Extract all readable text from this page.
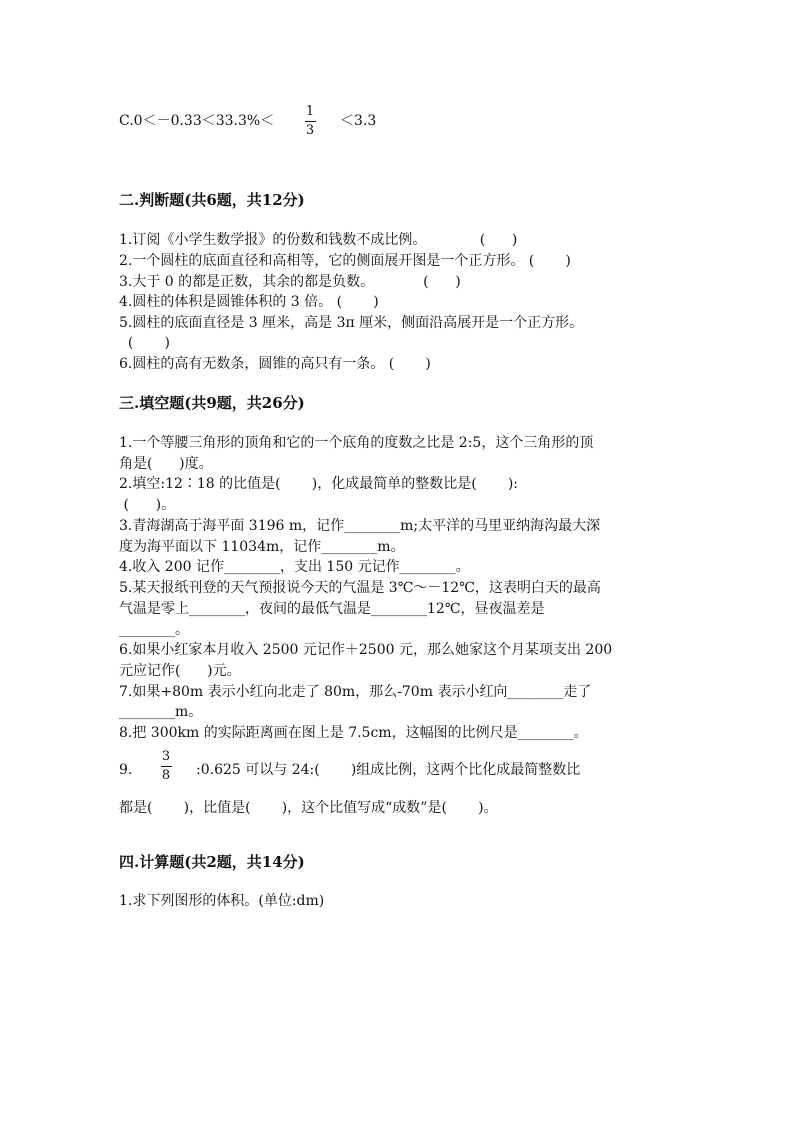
C.0＜－0.33＜33.3%＜
1
3
＜3.3
二.判断题(共6题，共12分)
1.订阅《小学生数学报》的份数和钱数不成比例。            (      )
2.一个圆柱的底面直径和高相等，它的侧面展开图是一个正方形。 (       )
3.大于 0 的都是正数，其余的都是负数。           (      )
4.圆柱的体积是圆锥体积的 3 倍。 (       )
5.圆柱的底面直径是 3 厘米，高是 3π 厘米，侧面沿高展开是一个正方形。
(       )
6.圆柱的高有无数条，圆锥的高只有一条。 (       )
三.填空题(共9题，共26分)
1.一个等腰三角形的顶角和它的一个底角的度数之比是 2:5，这个三角形的顶
角是(      )度。
2.填空:12∶18 的比值是(       )，化成最简单的整数比是(       ):
(      )。
3.青海湖高于海平面 3196 m，记作________m;太平洋的马里亚纳海沟最大深
度为海平面以下 11034m，记作________m。
4.收入 200 记作________，支出 150 元记作________。
5.某天报纸刊登的天气预报说今天的气温是 3℃～－12℃，这表明白天的最高
气温是零上________，夜间的最低气温是________12℃，昼夜温差是
________。
6.如果小红家本月收入 2500 元记作＋2500 元，那么她家这个月某项支出 200
元应记作(      )元。
7.如果+80m 表示小红向北走了 80m，那么-70m 表示小红向________走了
________m。
8.把 300km 的实际距离画在图上是 7.5cm，这幅图的比例尺是________。
9.
3
8 :0.625 可以与 24:(       )组成比例，这两个比化成最简整数比
都是(       )，比值是(       )，这个比值写成“成数”是(       )。
四.计算题(共2题，共14分)
1.求下列图形的体积。(单位:dm)
